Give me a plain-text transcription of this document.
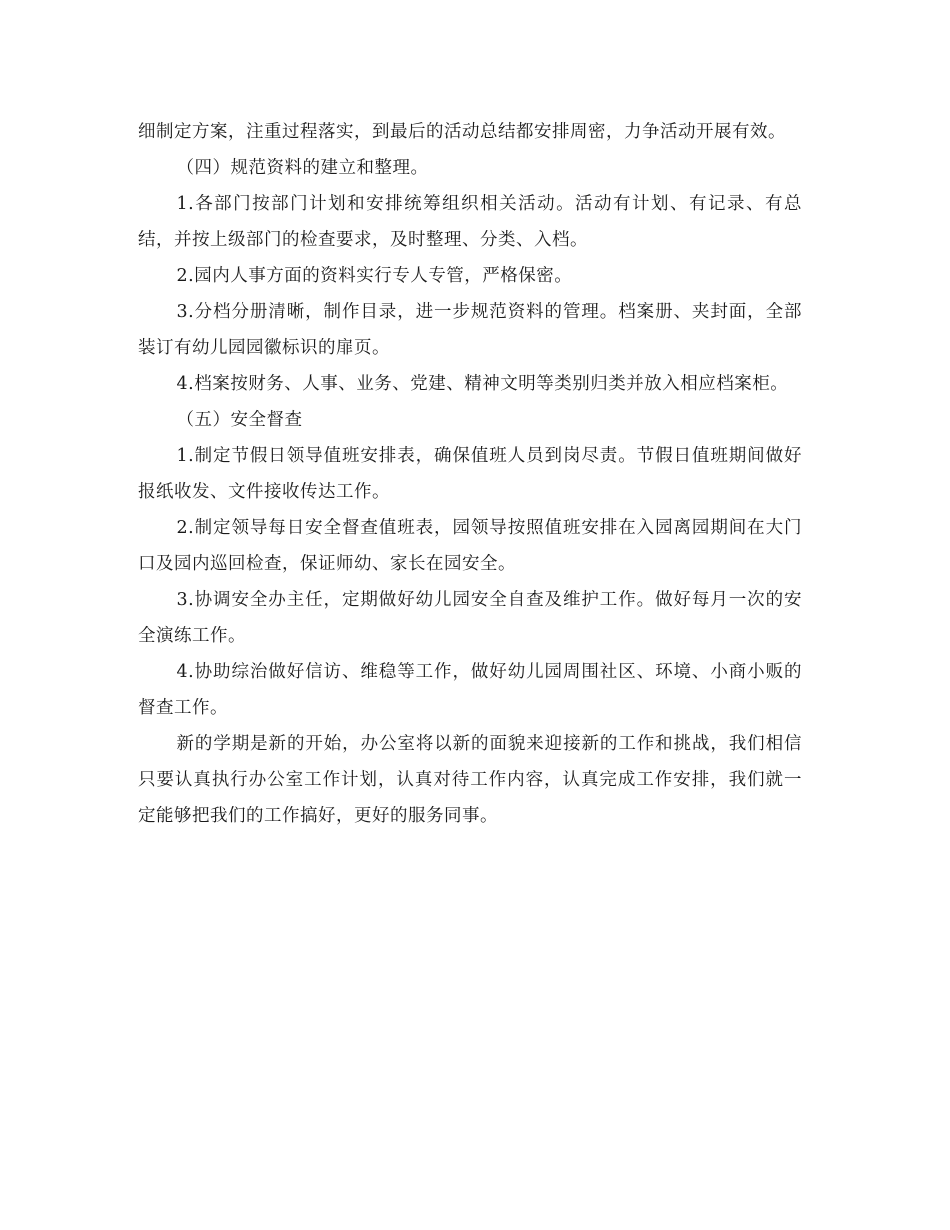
细制定方案，注重过程落实，到最后的活动总结都安排周密，力争活动开展有效。

（四）规范资料的建立和整理。

1.各部门按部门计划和安排统筹组织相关活动。活动有计划、有记录、有总结，并按上级部门的检查要求，及时整理、分类、入档。

2.园内人事方面的资料实行专人专管，严格保密。

3.分档分册清晰，制作目录，进一步规范资料的管理。档案册、夹封面，全部装订有幼儿园园徽标识的扉页。

4.档案按财务、人事、业务、党建、精神文明等类别归类并放入相应档案柜。

（五）安全督查

1.制定节假日领导值班安排表，确保值班人员到岗尽责。节假日值班期间做好报纸收发、文件接收传达工作。

2.制定领导每日安全督查值班表，园领导按照值班安排在入园离园期间在大门口及园内巡回检查，保证师幼、家长在园安全。

3.协调安全办主任，定期做好幼儿园安全自查及维护工作。做好每月一次的安全演练工作。

4.协助综治做好信访、维稳等工作，做好幼儿园周围社区、环境、小商小贩的督查工作。

新的学期是新的开始，办公室将以新的面貌来迎接新的工作和挑战，我们相信只要认真执行办公室工作计划，认真对待工作内容，认真完成工作安排，我们就一定能够把我们的工作搞好，更好的服务同事。
